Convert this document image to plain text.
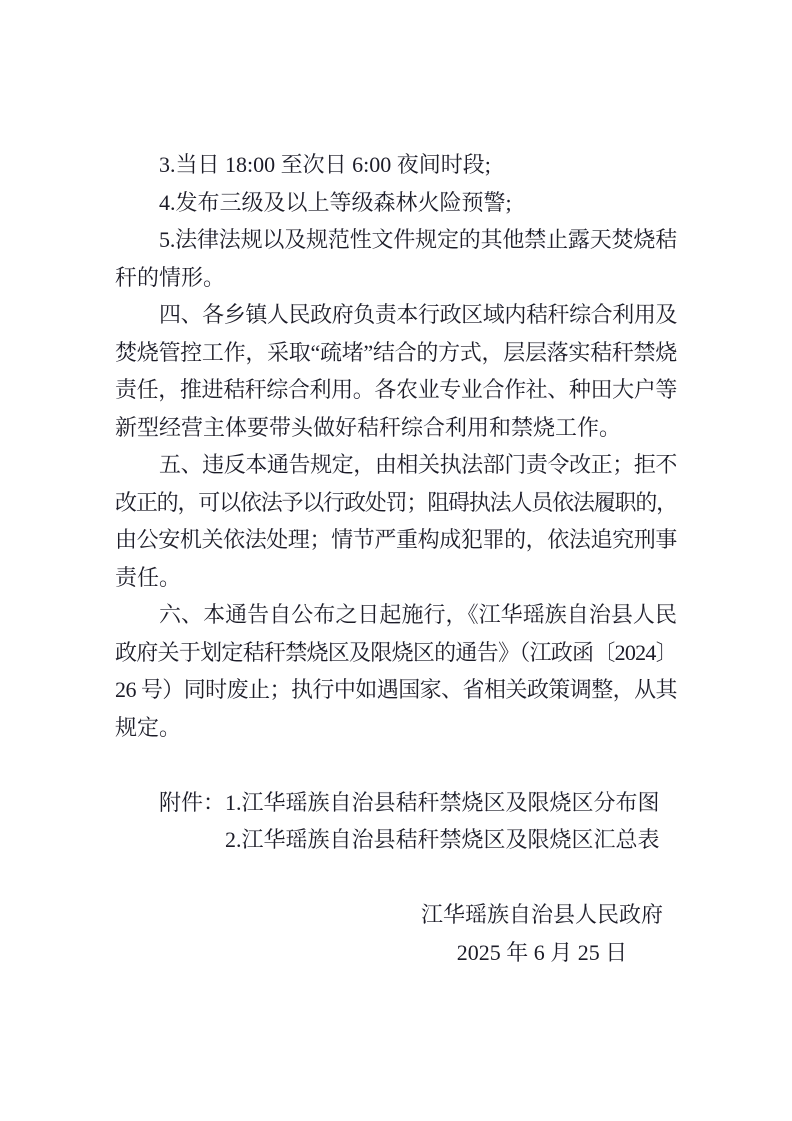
3.当日 18:00 至次日 6:00 夜间时段;
4.发布三级及以上等级森林火险预警;
5.法律法规以及规范性文件规定的其他禁止露天焚烧秸
秆的情形。
四、各乡镇人民政府负责本行政区域内秸秆综合利用及
焚烧管控工作，采取“疏堵”结合的方式，层层落实秸秆禁烧
责任，推进秸秆综合利用。各农业专业合作社、种田大户等
新型经营主体要带头做好秸秆综合利用和禁烧工作。
五、违反本通告规定，由相关执法部门责令改正；拒不
改正的，可以依法予以行政处罚；阻碍执法人员依法履职的，
由公安机关依法处理；情节严重构成犯罪的，依法追究刑事
责任。
六、本通告自公布之日起施行，《江华瑶族自治县人民
政府关于划定秸秆禁烧区及限烧区的通告》（江政函〔2024〕
26 号）同时废止；执行中如遇国家、省相关政策调整，从其
规定。
附件：1.江华瑶族自治县秸秆禁烧区及限烧区分布图
2.江华瑶族自治县秸秆禁烧区及限烧区汇总表
江华瑶族自治县人民政府
2025 年 6 月 25 日
